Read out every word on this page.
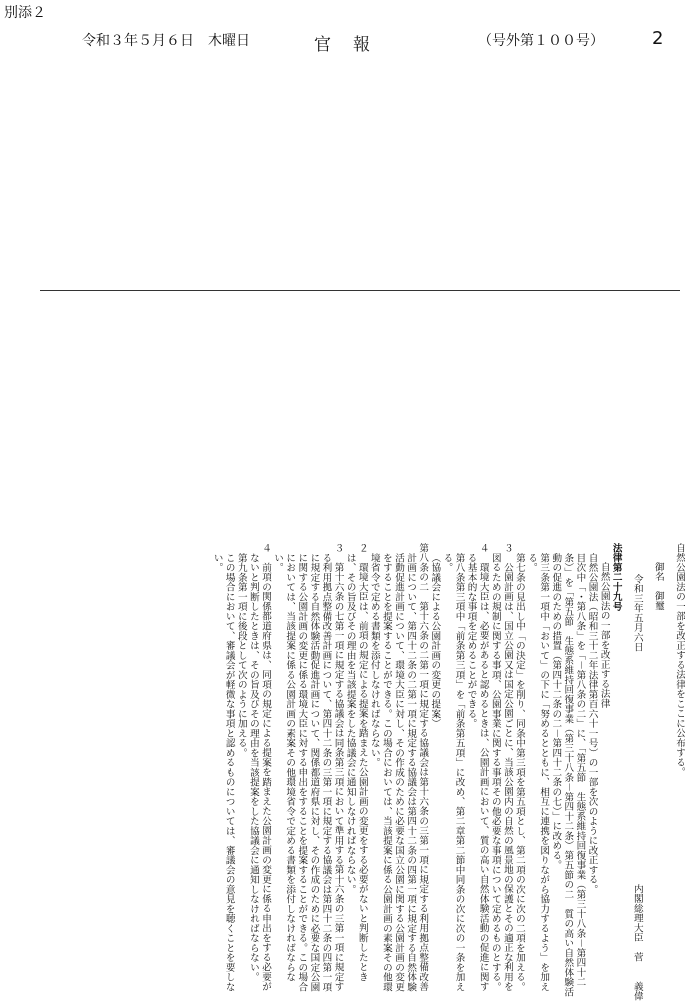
別添２
令和３年５月６日　木曜日	官報	（号外第１００号）	2

自然公園法の一部を改正する法律をここに公布する。

御名　御璽

令和三年五月六日
内閣総理大臣　菅　　義偉

法律第二十九号

自然公園法の一部を改正する法律

自然公園法（昭和三十二年法律第百六十一号）の一部を次のように改正する。

目次中「・第八条」を「－第八条の二」に、「第五節　生態系維持回復事業（第三十八条－第四十二条）」を「第五節　生態系維持回復事業（第三十八条－第四十二条）第五節の二　質の高い自然体験活動の促進のための措置（第四十二条の二－第四十二条の七）」に改める。

第三条第一項中「おいて」の下に「努めるとともに、相互に連携を図りながら協力するよう」を加える。

第七条の見出し中「の決定」を削り、同条中第三項を第五項とし、第二項の次に次の二項を加える。

３　公園計画は、国立公園又は国定公園ごとに、当該公園内の自然の風景地の保護とその適正な利用を図るための規制に関する事項、公園事業に関する事項その他必要な事項について定めるものとする。

４　環境大臣は、必要があると認めるときは、公園計画において、質の高い自然体験活動の促進に関する基本的な事項を定めることができる。

第八条第三項中「前条第三項」を「前条第五項」に改め、第二章第二節中同条の次に次の一条を加える。

（協議会による公園計画の変更の提案）

第八条の二　第十六条の二第一項に規定する協議会は第十六条の三第一項に規定する利用拠点整備改善計画について、第四十二条の二第一項に規定する協議会は第四十二条の四第一項に規定する自然体験活動促進計画について、環境大臣に対し、その作成のために必要な国立公園に関する公園計画の変更をすることを提案することができる。この場合においては、当該提案に係る公園計画の素案その他環境省令で定める書類を添付しなければならない。

２　環境大臣は、前項の規定による提案を踏まえた公園計画の変更をする必要がないと判断したときは、その旨及びその理由を当該提案をした協議会に通知しなければならない。

３　第十六条の七第一項に規定する協議会は同条第三項において準用する第十六条の三第一項に規定する利用拠点整備改善計画について、第四十二条の三第一項に規定する協議会は第四十二条の四第一項に規定する自然体験活動促進計画について、関係都道府県に対し、その作成のために必要な国定公園に関する公園計画の変更に係る環境大臣に対する申出をすることを提案することができる。この場合においては、当該提案に係る公園計画の素案その他環境省令で定める書類を添付しなければならない。

４　前項の関係都道府県は、同項の規定による提案を踏まえた公園計画の変更に係る申出をする必要がないと判断したときは、その旨及びその理由を当該提案をした協議会に通知しなければならない。

第九条第一項に後段として次のように加える。

この場合において、審議会が軽微な事項と認めるものについては、審議会の意見を聴くことを要しない。
